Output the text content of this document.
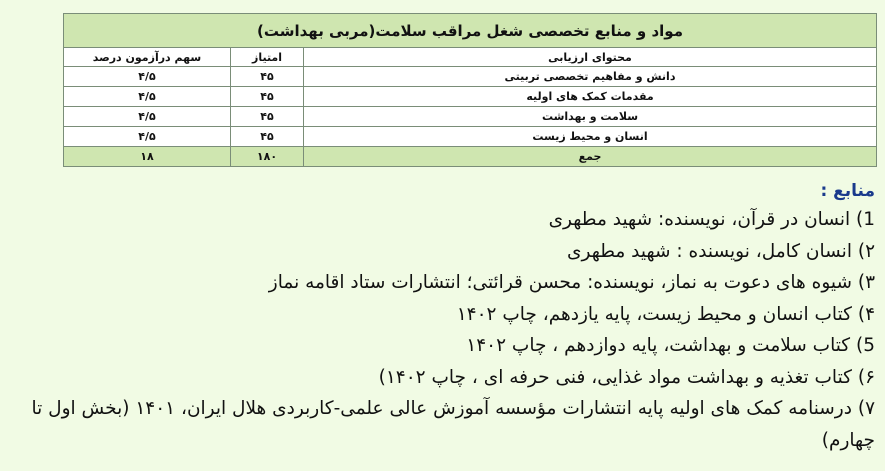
مواد و منابع تخصصی شغل مراقب سلامت(مربی بهداشت)		
محتوای ارزیابی	امتیاز	سهم درآزمون درصد
دانش و مفاهیم تخصصی تربیتی	۴۵	۴/۵
مقدمات کمک های اولیه	۴۵	۴/۵
سلامت و بهداشت	۴۵	۴/۵
انسان و محیط زیست	۴۵	۴/۵
جمع	۱۸۰	۱۸
منابع :
1) انسان در قرآن، نویسنده: شهید مطهری
۲) انسان کامل، نویسنده : شهید مطهری
۳) شیوه های دعوت به نماز، نویسنده: محسن قرائتی؛ انتشارات ستاد اقامه نماز
۴) کتاب انسان و محیط زیست، پایه یازدهم، چاپ ۱۴۰۲
5) کتاب سلامت و بهداشت، پایه دوازدهم ، چاپ ۱۴۰۲
۶) کتاب تغذیه و بهداشت مواد غذایی، فنی حرفه ای ، چاپ ۱۴۰۲)
۷) درسنامه کمک های اولیه پایه انتشارات مؤسسه آموزش عالی علمی-کاربردی هلال ایران، ۱۴۰۱ (بخش اول تا چهارم)
